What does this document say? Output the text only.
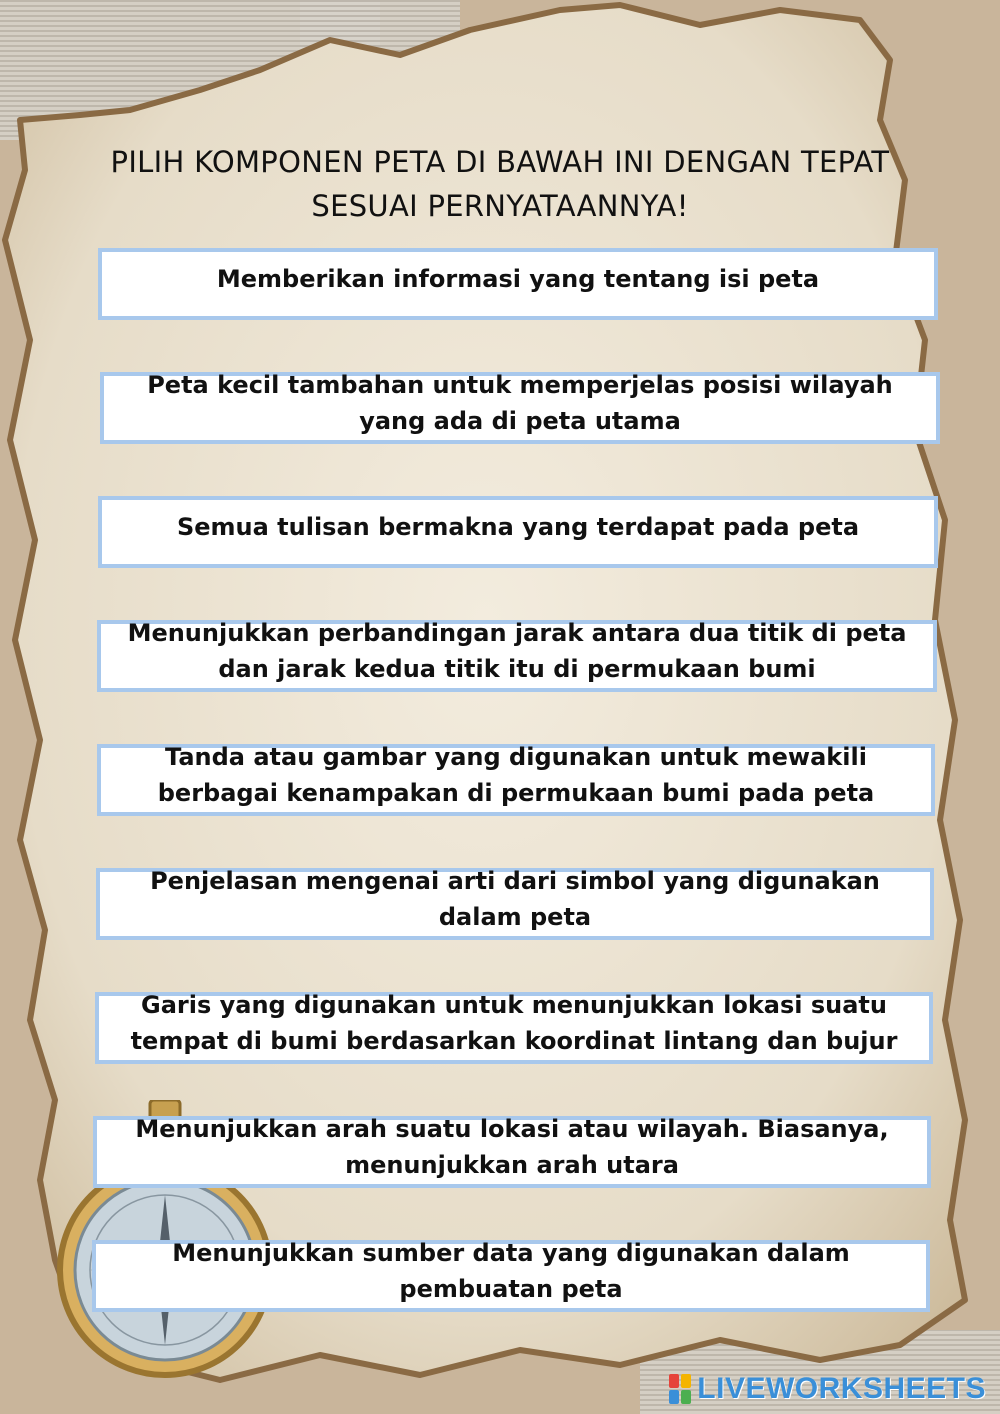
PILIH KOMPONEN PETA DI BAWAH INI DENGAN TEPAT SESUAI PERNYATAANNYA!
Memberikan informasi yang tentang isi peta
Peta kecil tambahan untuk memperjelas posisi wilayah yang ada di peta utama
Semua tulisan bermakna yang terdapat pada peta
Menunjukkan perbandingan jarak antara dua titik di peta dan jarak kedua titik itu di permukaan bumi
Tanda atau gambar yang digunakan untuk mewakili berbagai kenampakan di permukaan bumi pada peta
Penjelasan mengenai arti dari simbol yang digunakan dalam peta
Garis yang digunakan untuk menunjukkan lokasi suatu tempat di bumi berdasarkan koordinat lintang dan bujur
Menunjukkan arah suatu lokasi atau wilayah. Biasanya, menunjukkan arah utara
Menunjukkan sumber data yang digunakan dalam pembuatan peta
LIVEWORKSHEETS
